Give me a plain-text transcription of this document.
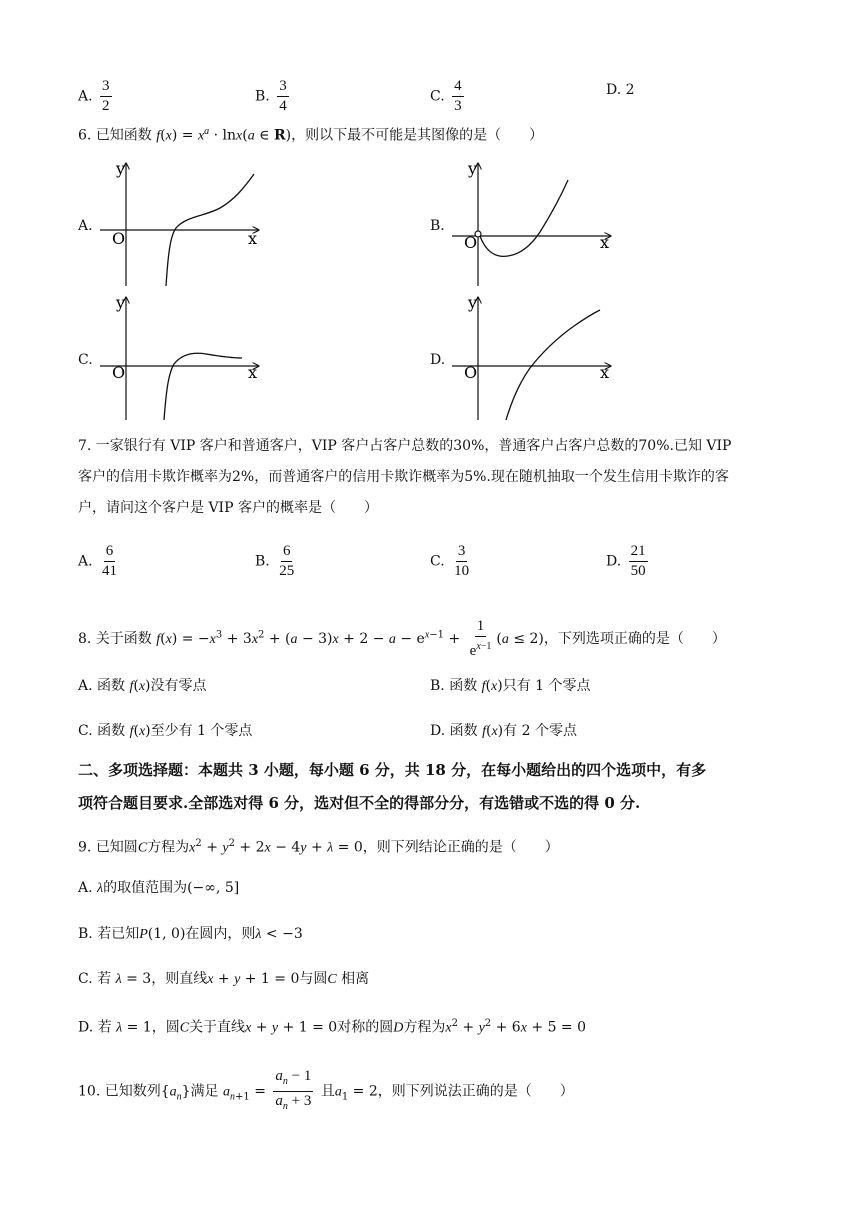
A. $\frac{3}{2}$	B. $\frac{3}{4}$	C. $\frac{4}{3}$	D. 2
6. 已知函数 $f(x) = x^a \cdot \ln x(a$ ∈ R)，则以下最不可能是其图像的是（　　）
A.	B.
C.	D.
y
x
O
y
x
O
y
x
O
y
x
O
7. 一家银行有 VIP 客户和普通客户，VIP 客户占客户总数的30%，普通客户占客户总数的70%.已知 VIP
客户的信用卡欺诈概率为2%，而普通客户的信用卡欺诈概率为5%.现在随机抽取一个发生信用卡欺诈的客
户，请问这个客户是 VIP 客户的概率是（　　）
A. $\frac{6}{41}$	B. $\frac{6}{25}$	C. $\frac{3}{10}$	D. $\frac{21}{50}$
8. 关于函数 $f(x) = -x^3 + 3x^2 + (a - 3)x + 2 - a - e^{x-1} + \frac{1}{e^{x-1}} (a \le 2)$，下列选项正确的是（　　）
A. 函数 f(x)没有零点	B. 函数 f(x)只有 1 个零点
C. 函数 f(x)至少有 1 个零点	D. 函数 f(x)有 2 个零点
二、多项选择题：本题共 3 小题，每小题 6 分，共 18 分，在每小题给出的四个选项中，有多
项符合题目要求.全部选对得 6 分，选对但不全的得部分分，有选错或不选的得 0 分.
9. 已知圆C方程为$x^2 + y^2 + 2x - 4y + \lambda = 0$，则下列结论正确的是（　　）
A. λ的取值范围为(−∞, 5]
B. 若已知P(1, 0)在圆内，则λ < −3
C. 若 λ = 3，则直线x + y + 1 = 0与圆C 相离
D. 若 λ = 1，圆C关于直线x + y + 1 = 0对称的圆D方程为$x^2 + y^2 + 6x + 5 = 0$
10. 已知数列$\{a_n\}$满足 $a_{n+1} = \frac{a_n - 1}{a_n + 3}$ 且$a_1 = 2$，则下列说法正确的是（　　）
